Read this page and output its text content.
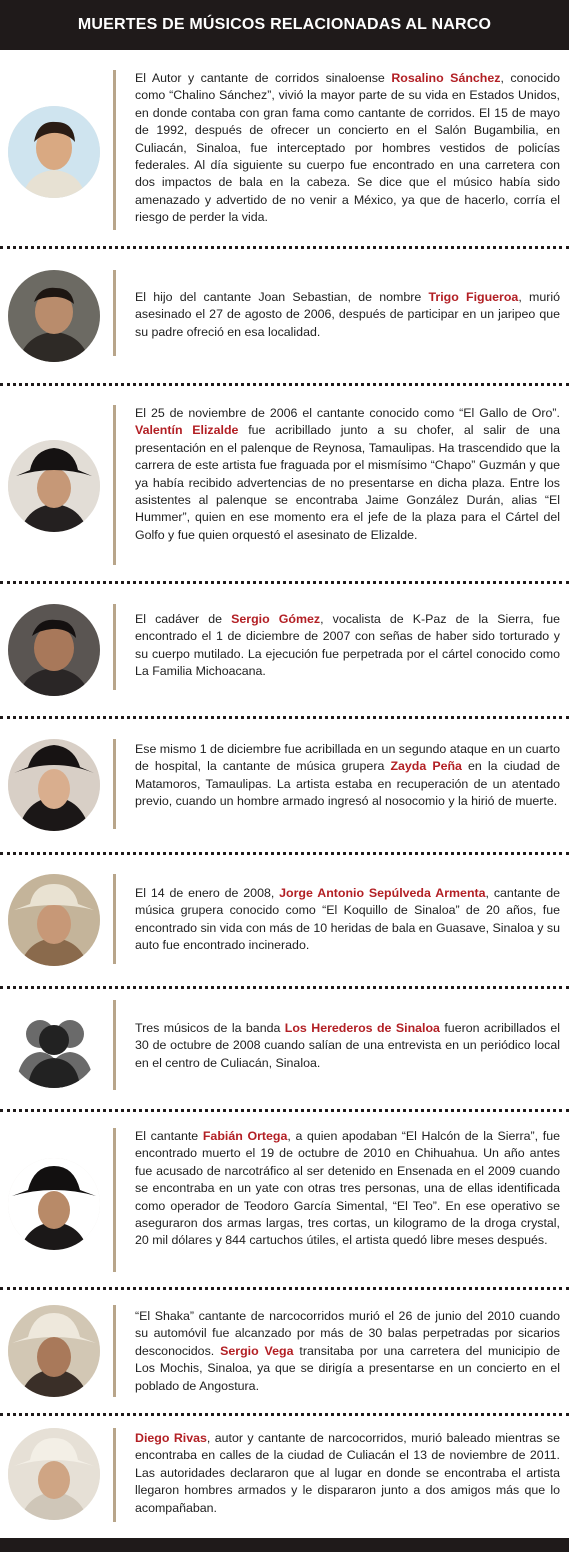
MUERTES DE MÚSICOS RELACIONADAS AL NARCO

El Autor y cantante de corridos sinaloense Rosalino Sánchez, conocido como “Chalino Sánchez”, vivió la mayor parte de su vida en Estados Unidos, en donde contaba con gran fama como cantante de corridos. El 15 de mayo de 1992, después de ofrecer un concierto en el Salón Bugambilia, en Culiacán, Sinaloa, fue interceptado por hombres vestidos de policías federales. Al día siguiente su cuerpo fue encontrado en una carretera con dos impactos de bala en la cabeza. Se dice que el músico había sido amenazado y advertido de no venir a México, ya que de hacerlo, corría el riesgo de perder la vida.

El hijo del cantante Joan Sebastian, de nombre Trigo Figueroa, murió asesinado el 27 de agosto de 2006, después de participar en un jaripeo que su padre ofreció en esa localidad.

El 25 de noviembre de 2006 el cantante conocido como “El Gallo de Oro”. Valentín Elizalde fue acribillado junto a su chofer, al salir de una presentación en el palenque de Reynosa, Tamaulipas. Ha trascendido que la carrera de este artista fue fraguada por el mismísimo “Chapo” Guzmán y que ya había recibido advertencias de no presentarse en dicha plaza. Entre los asistentes al palenque se encontraba Jaime González Durán, alias “El Hummer”, quien en ese momento era el jefe de la plaza para el Cártel del Golfo y fue quien orquestó el asesinato de Elizalde.

El cadáver de Sergio Gómez, vocalista de K-Paz de la Sierra, fue encontrado el 1 de diciembre de 2007 con señas de haber sido torturado y su cuerpo mutilado. La ejecución fue perpetrada por el cártel conocido como La Familia Michoacana.

Ese mismo 1 de diciembre fue acribillada en un segundo ataque en un cuarto de hospital, la cantante de música grupera Zayda Peña en la ciudad de Matamoros, Tamaulipas. La artista estaba en recuperación de un atentado previo, cuando un hombre armado ingresó al nosocomio y la hirió de muerte.

El 14 de enero de 2008, Jorge Antonio Sepúlveda Armenta, cantante de música grupera conocido como “El Koquillo de Sinaloa” de 20 años, fue encontrado sin vida con más de 10 heridas de bala en Guasave, Sinaloa y su auto fue encontrado incinerado.

Tres músicos de la banda Los Herederos de Sinaloa fueron acribillados el 30 de octubre de 2008 cuando salían de una entrevista en un periódico local en el centro de Culiacán, Sinaloa.

El cantante Fabián Ortega, a quien apodaban “El Halcón de la Sierra”, fue encontrado muerto el 19 de octubre de 2010 en Chihuahua. Un año antes fue acusado de narcotráfico al ser detenido en Ensenada en el 2009 cuando se encontraba en un yate con otras tres personas, una de ellas identificada como operador de Teodoro García Simental, “El Teo”. En ese operativo se aseguraron dos armas largas, tres cortas, un kilogramo de la droga crystal, 20 mil dólares y 844 cartuchos útiles, el artista quedó libre meses después.

“El Shaka” cantante de narcocorridos murió el 26 de junio del 2010 cuando su automóvil fue alcanzado por más de 30 balas perpetradas por sicarios desconocidos. Sergio Vega transitaba por una carretera del municipio de Los Mochis, Sinaloa, ya que se dirigía a presentarse en un concierto en el poblado de Angostura.

Diego Rivas, autor y cantante de narcocorridos, murió baleado mientras se encontraba en calles de la ciudad de Culiacán el 13 de noviembre de 2011. Las autoridades declararon que al lugar en donde se encontraba el artista llegaron hombres armados y le dispararon junto a dos amigos más que lo acompañaban.
